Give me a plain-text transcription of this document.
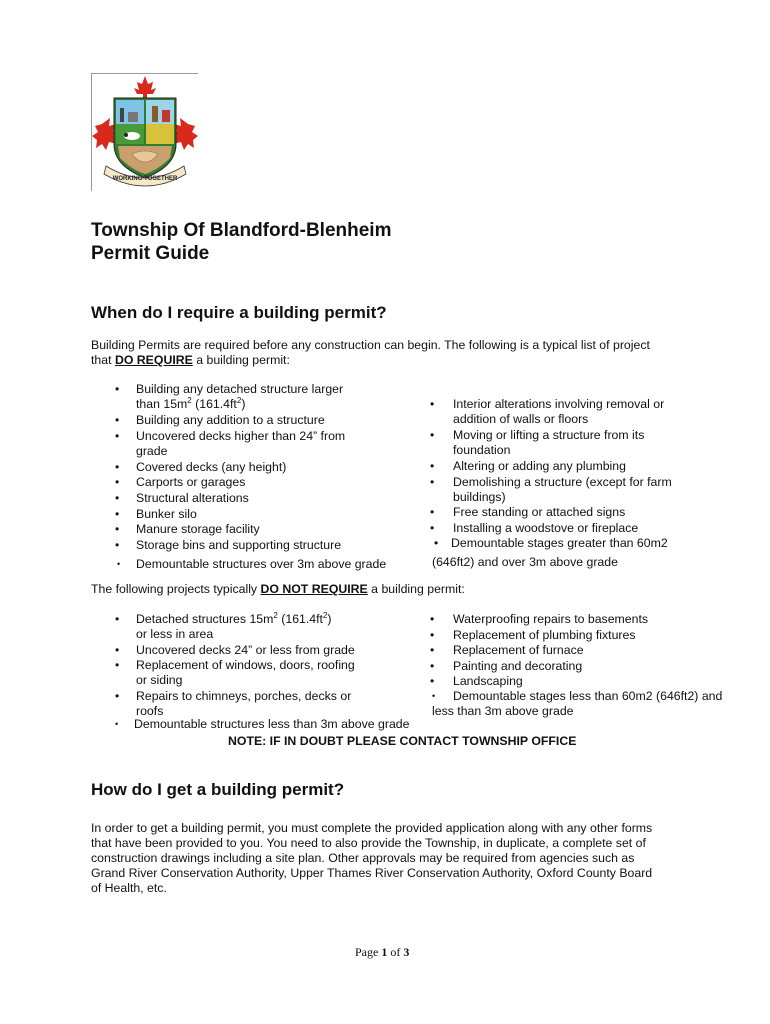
WORKING TOGETHER
Township Of Blandford-Blenheim
Permit Guide
When do I require a building permit?
Building Permits are required before any construction can begin. The following is a typical list of project
that DO REQUIRE a building permit:
• Building any detached structure larger
than $15m^2$ $(161.4ft^2)$
• Building any addition to a structure
• Uncovered decks higher than 24” from
grade
• Covered decks (any height)
• Carports or garages
• Structural alterations
• Bunker silo
• Manure storage facility
• Storage bins and supporting structure
• Demountable structures over 3m above grade
• Interior alterations involving removal or
addition of walls or floors
• Moving or lifting a structure from its
foundation
• Altering or adding any plumbing
• Demolishing a structure (except for farm
buildings)
• Free standing or attached signs
• Installing a woodstove or fireplace
• Demountable stages greater than 60m2
(646ft2) and over 3m above grade
The following projects typically DO NOT REQUIRE a building permit:
• Detached structures $15m^2$ $(161.4ft^2)$
or less in area
• Uncovered decks 24” or less from grade
• Replacement of windows, doors, roofing
or siding
• Repairs to chimneys, porches, decks or
roofs
• Demountable structures less than 3m above grade
• Waterproofing repairs to basements
• Replacement of plumbing fixtures
• Replacement of furnace
• Painting and decorating
• Landscaping
• Demountable stages less than 60m2 (646ft2) and
less than 3m above grade
NOTE: IF IN DOUBT PLEASE CONTACT TOWNSHIP OFFICE
How do I get a building permit?
In order to get a building permit, you must complete the provided application along with any other forms
that have been provided to you. You need to also provide the Township, in duplicate, a complete set of
construction drawings including a site plan. Other approvals may be required from agencies such as
Grand River Conservation Authority, Upper Thames River Conservation Authority, Oxford County Board
of Health, etc.
Page 1 of 3
